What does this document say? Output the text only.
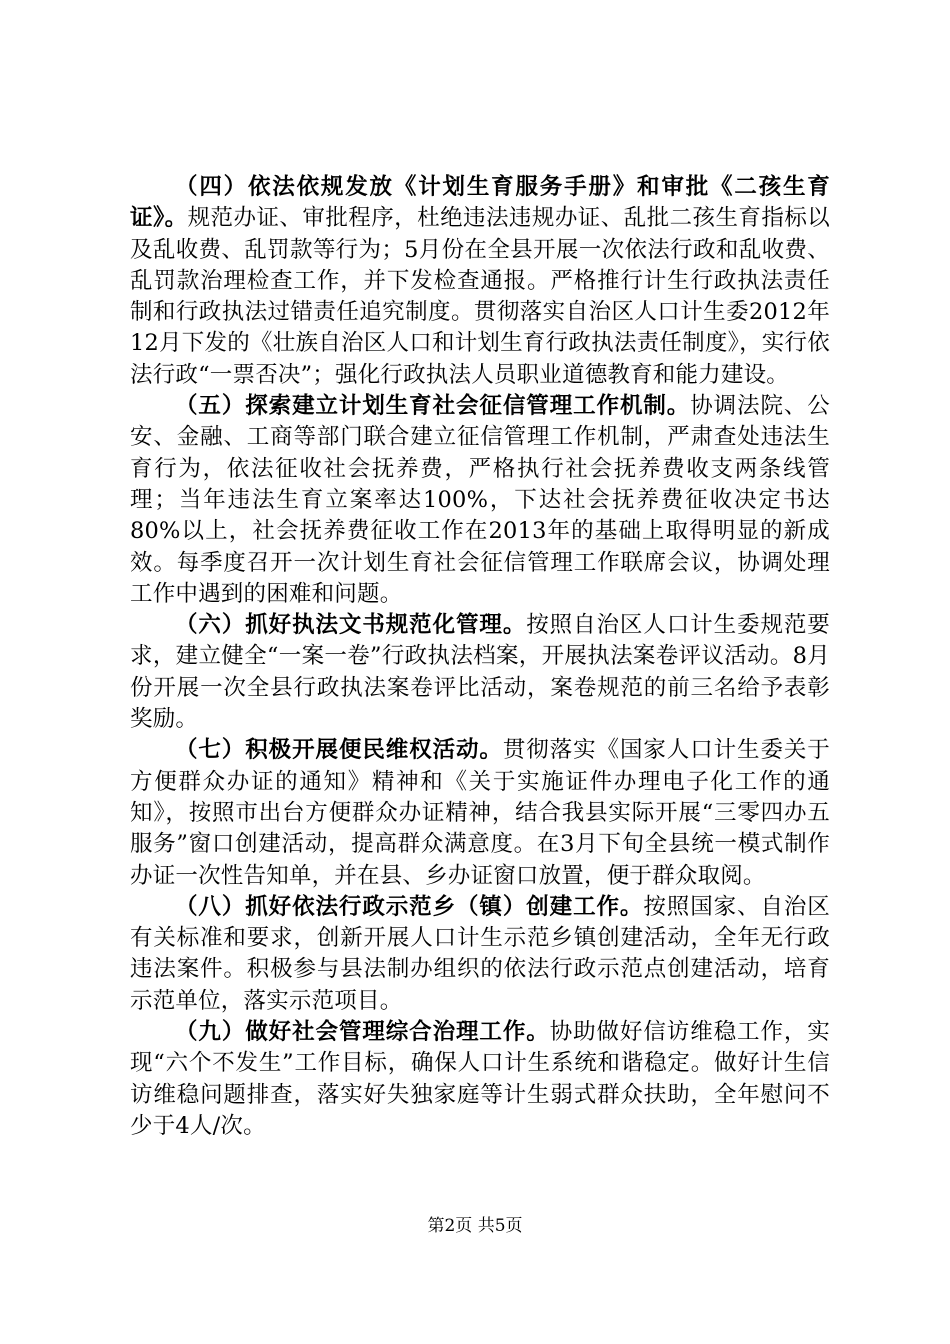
（四）依法依规发放《计划生育服务手册》和审批《二孩生育证》。规范办证、审批程序，杜绝违法违规办证、乱批二孩生育指标以及乱收费、乱罚款等行为；5月份在全县开展一次依法行政和乱收费、乱罚款治理检查工作，并下发检查通报。严格推行计生行政执法责任制和行政执法过错责任追究制度。贯彻落实自治区人口计生委2012年12月下发的《壮族自治区人口和计划生育行政执法责任制度》，实行依法行政“一票否决”；强化行政执法人员职业道德教育和能力建设。

（五）探索建立计划生育社会征信管理工作机制。协调法院、公安、金融、工商等部门联合建立征信管理工作机制，严肃查处违法生育行为，依法征收社会抚养费，严格执行社会抚养费收支两条线管理；当年违法生育立案率达100%，下达社会抚养费征收决定书达80%以上，社会抚养费征收工作在2013年的基础上取得明显的新成效。每季度召开一次计划生育社会征信管理工作联席会议，协调处理工作中遇到的困难和问题。

（六）抓好执法文书规范化管理。按照自治区人口计生委规范要求，建立健全“一案一卷”行政执法档案，开展执法案卷评议活动。8月份开展一次全县行政执法案卷评比活动，案卷规范的前三名给予表彰奖励。

（七）积极开展便民维权活动。贯彻落实《国家人口计生委关于方便群众办证的通知》精神和《关于实施证件办理电子化工作的通知》，按照市出台方便群众办证精神，结合我县实际开展“三零四办五服务”窗口创建活动，提高群众满意度。在3月下旬全县统一模式制作办证一次性告知单，并在县、乡办证窗口放置，便于群众取阅。

（八）抓好依法行政示范乡（镇）创建工作。按照国家、自治区有关标准和要求，创新开展人口计生示范乡镇创建活动，全年无行政违法案件。积极参与县法制办组织的依法行政示范点创建活动，培育示范单位，落实示范项目。

（九）做好社会管理综合治理工作。协助做好信访维稳工作，实现“六个不发生”工作目标，确保人口计生系统和谐稳定。做好计生信访维稳问题排查，落实好失独家庭等计生弱式群众扶助，全年慰问不少于4人/次。

第2页 共5页
